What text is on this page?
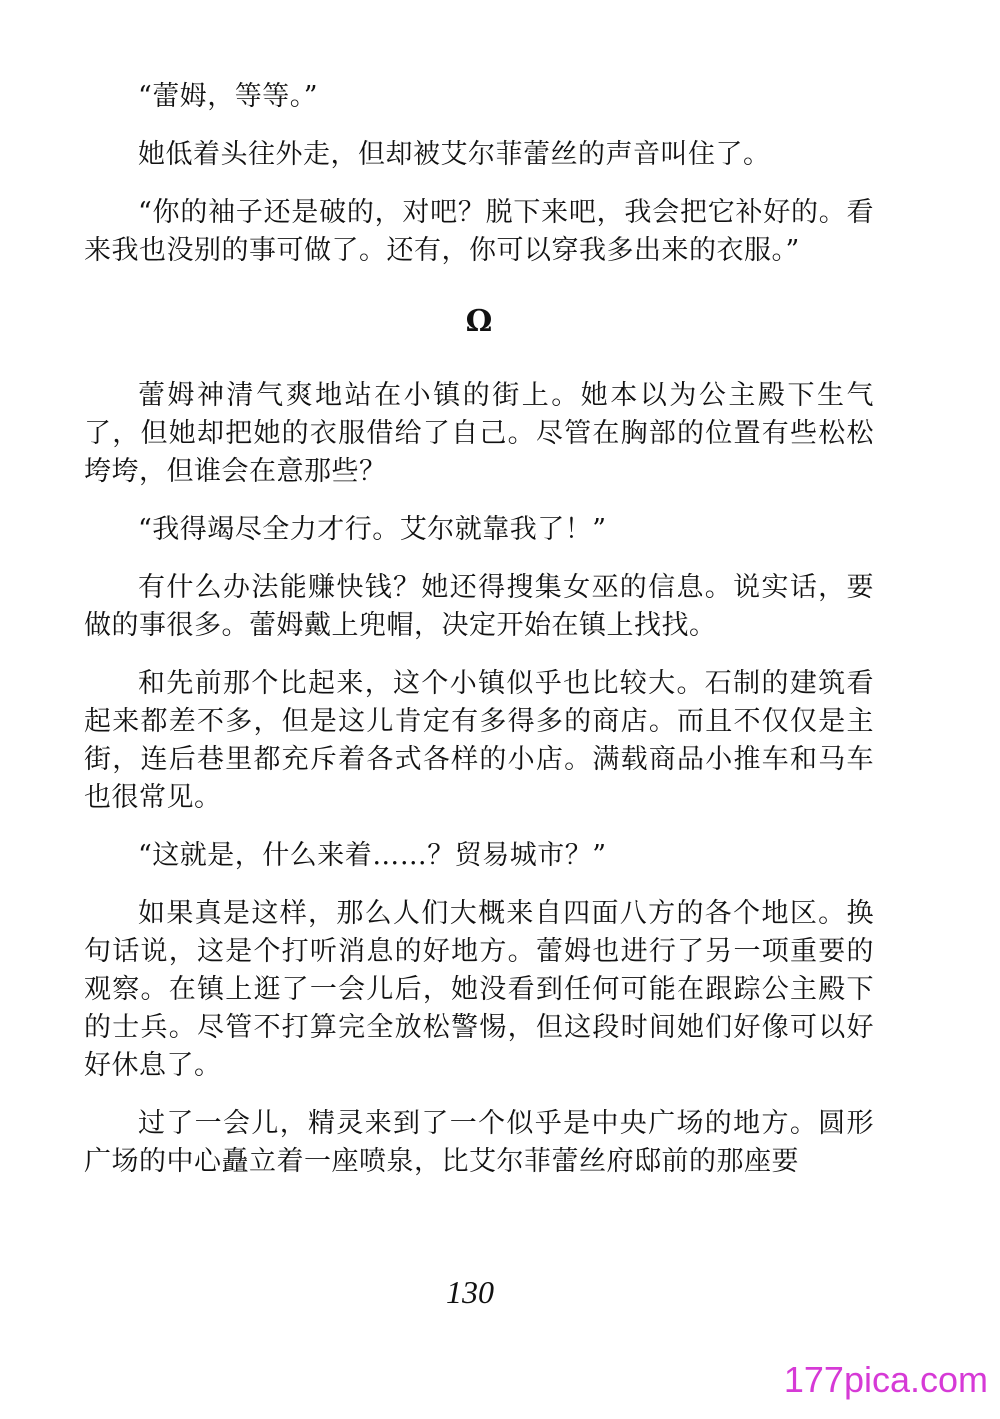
“蕾姆，等等。”

她低着头往外走，但却被艾尔菲蕾丝的声音叫住了。

“你的袖子还是破的，对吧？脱下来吧，我会把它补好的。看来我也没别的事可做了。还有，你可以穿我多出来的衣服。”

Ω

蕾姆神清气爽地站在小镇的街上。她本以为公主殿下生气了，但她却把她的衣服借给了自己。尽管在胸部的位置有些松松垮垮，但谁会在意那些？

“我得竭尽全力才行。艾尔就靠我了！”

有什么办法能赚快钱？她还得搜集女巫的信息。说实话，要做的事很多。蕾姆戴上兜帽，决定开始在镇上找找。

和先前那个比起来，这个小镇似乎也比较大。石制的建筑看起来都差不多，但是这儿肯定有多得多的商店。而且不仅仅是主街，连后巷里都充斥着各式各样的小店。满载商品小推车和马车也很常见。

“这就是，什么来着……？贸易城市？”

如果真是这样，那么人们大概来自四面八方的各个地区。换句话说，这是个打听消息的好地方。蕾姆也进行了另一项重要的观察。在镇上逛了一会儿后，她没看到任何可能在跟踪公主殿下的士兵。尽管不打算完全放松警惕，但这段时间她们好像可以好好休息了。

过了一会儿，精灵来到了一个似乎是中央广场的地方。圆形广场的中心矗立着一座喷泉，比艾尔菲蕾丝府邸前的那座要

130
177pica.com
